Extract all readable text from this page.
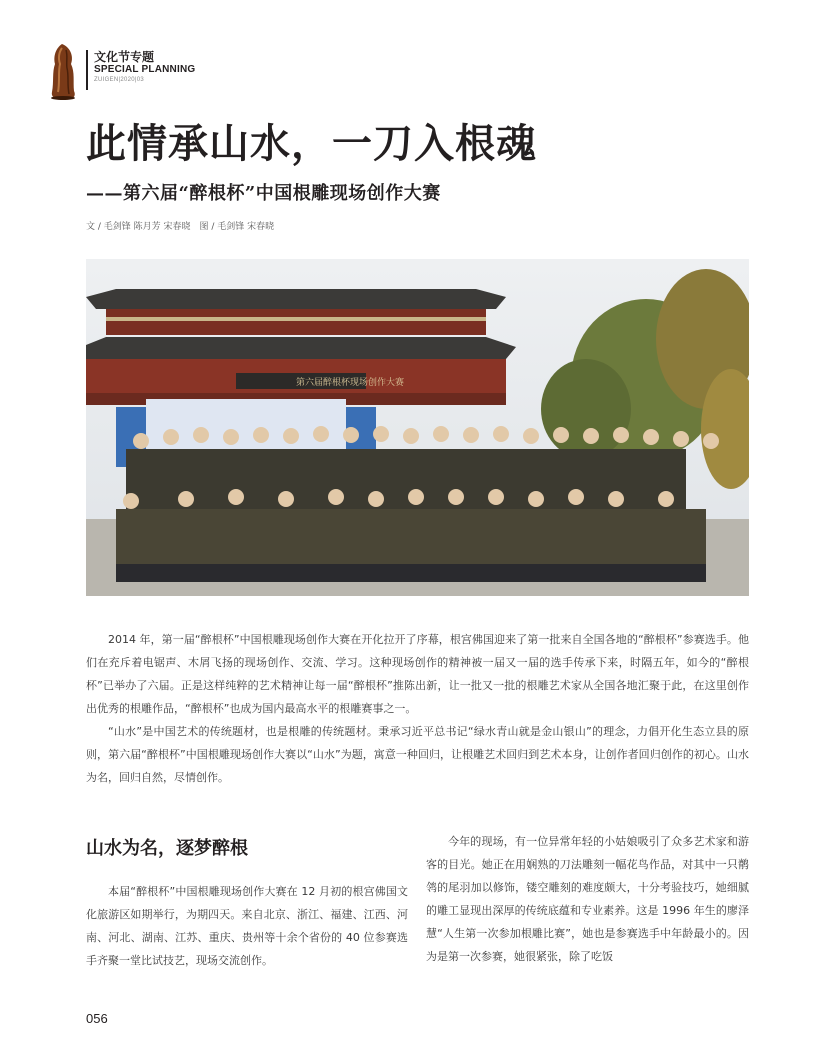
文化节专题
SPECIAL PLANNING
ZUIGEN|2020|03
此情承山水，一刀入根魂
——第六届“醉根杯”中国根雕现场创作大赛
文 / 毛剑锋 陈月芳 宋春晓　图 / 毛剑锋 宋春晓
第六届醉根杯现场创作大赛

2014 年，第一届“醉根杯”中国根雕现场创作大赛在开化拉开了序幕，根宫佛国迎来了第一批来自全国各地的“醉根杯”参赛选手。他们在充斥着电锯声、木屑飞扬的现场创作、交流、学习。这种现场创作的精神被一届又一届的选手传承下来，时隔五年，如今的“醉根杯”已举办了六届。正是这样纯粹的艺术精神让每一届“醉根杯”推陈出新，让一批又一批的根雕艺术家从全国各地汇聚于此，在这里创作出优秀的根雕作品，“醉根杯”也成为国内最高水平的根雕赛事之一。

“山水”是中国艺术的传统题材，也是根雕的传统题材。秉承习近平总书记“绿水青山就是金山银山”的理念，力倡开化生态立县的原则，第六届“醉根杯”中国根雕现场创作大赛以“山水”为题，寓意一种回归，让根雕艺术回归到艺术本身，让创作者回归创作的初心。山水为名，回归自然，尽情创作。

山水为名，逐梦醉根

本届“醉根杯”中国根雕现场创作大赛在 12 月初的根宫佛国文化旅游区如期举行，为期四天。来自北京、浙江、福建、江西、河南、河北、湖南、江苏、重庆、贵州等十余个省份的 40 位参赛选手齐聚一堂比试技艺，现场交流创作。

今年的现场，有一位异常年轻的小姑娘吸引了众多艺术家和游客的目光。她正在用娴熟的刀法雕刻一幅花鸟作品，对其中一只鹡鸰的尾羽加以修饰，镂空雕刻的难度颇大，十分考验技巧，她细腻的雕工显现出深厚的传统底蕴和专业素养。这是 1996 年生的廖泽慧“人生第一次参加根雕比赛”，她也是参赛选手中年龄最小的。因为是第一次参赛，她很紧张，除了吃饭

056
